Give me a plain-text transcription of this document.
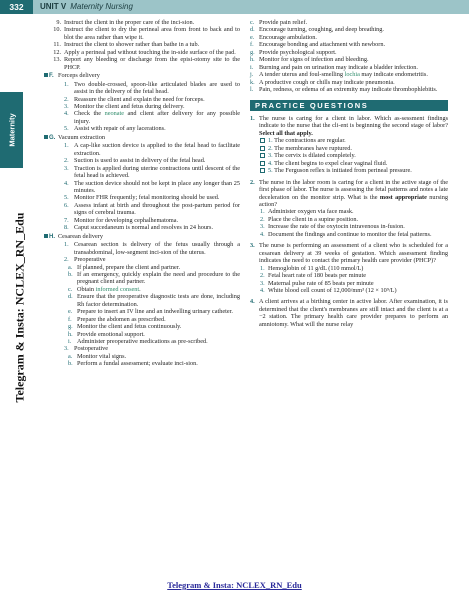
332	UNIT V Maternity Nursing
Maternity
Telegram & Insta: NCLEX_RN_Edu
Telegram & Insta: NCLEX_RN_Edu
9. Instruct the client in the proper care of the inci-sion.
10. Instruct the client to dry the perineal area from front to back and to blot the area rather than wipe it.
11. Instruct the client to shower rather than bathe in a tub.
12. Apply a perineal pad without touching the in-side surface of the pad.
13. Report any bleeding or discharge from the episi-otomy site to the PHCP.
F. Forceps delivery
1. Two double-crossed, spoon-like articulated blades are used to assist in the delivery of the fetal head.
2. Reassure the client and explain the need for forceps.
3. Monitor the client and fetus during delivery.
4. Check the neonate and client after delivery for any possible injury.
5. Assist with repair of any lacerations.
G. Vacuum extraction
1. A cap-like suction device is applied to the fetal head to facilitate extraction.
2. Suction is used to assist in delivery of the fetal head.
3. Traction is applied during uterine contractions until descent of the fetal head is achieved.
4. The suction device should not be kept in place any longer than 25 minutes.
5. Monitor FHR frequently; fetal monitoring should be used.
6. Assess infant at birth and throughout the post-partum period for signs of cerebral trauma.
7. Monitor for developing cephalhematoma.
8. Caput succedaneum is normal and resolves in 24 hours.
H. Cesarean delivery
1. Cesarean section is delivery of the fetus usually through a transabdominal, low-segment inci-sion of the uterus.
2. Preoperative
a. If planned, prepare the client and partner.
b. If an emergency, quickly explain the need and procedure to the pregnant client and partner.
c. Obtain informed consent.
d. Ensure that the preoperative diagnostic tests are done, including Rh factor determination.
e. Prepare to insert an IV line and an indwelling urinary catheter.
f. Prepare the abdomen as prescribed.
g. Monitor the client and fetus continuously.
h. Provide emotional support.
i. Administer preoperative medications as pre-scribed.
3. Postoperative
a. Monitor vital signs.
b. Perform a fundal assessment; evaluate inci-sion.
c. Provide pain relief.
d. Encourage turning, coughing, and deep breathing.
e. Encourage ambulation.
f. Encourage bonding and attachment with newborn.
g. Provide psychological support.
h. Monitor for signs of infection and bleeding.
i. Burning and pain on urination may indicate a bladder infection.
j. A tender uterus and foul-smelling lochia may indicate endometritis.
k. A productive cough or chills may indicate pneumonia.
l. Pain, redness, or edema of an extremity may indicate thrombophlebitis.
PRACTICE QUESTIONS
1. The nurse is caring for a client in labor. Which as-sessment findings indicate to the nurse that the cli-ent is beginning the second stage of labor? Select all that apply.
1. The contractions are regular.
2. The membranes have ruptured.
3. The cervix is dilated completely.
4. The client begins to expel clear vaginal fluid.
5. The Ferguson reflex is initiated from perineal pressure.
2. The nurse in the labor room is caring for a client in the active stage of the first phase of labor. The nurse is assessing the fetal patterns and notes a late deceleration on the monitor strip. What is the most appropriate nursing action?
1. Administer oxygen via face mask.
2. Place the client in a supine position.
3. Increase the rate of the oxytocin intravenous in-fusion.
4. Document the findings and continue to monitor the fetal patterns.
3. The nurse is performing an assessment of a client who is scheduled for a cesarean delivery at 39 weeks of gestation. Which assessment finding indicates the need to contact the primary health care provider (PHCP)?
1. Hemoglobin of 11 g/dL (110 mmol/L)
2. Fetal heart rate of 180 beats per minute
3. Maternal pulse rate of 85 beats per minute
4. White blood cell count of 12,000/mm³ (12 × 10⁹/L)
4. A client arrives at a birthing center in active labor. After examination, it is determined that the client's membranes are still intact and the client is at a −2 station. The primary health care provider prepares to perform an amniotomy. What will the nurse relay
